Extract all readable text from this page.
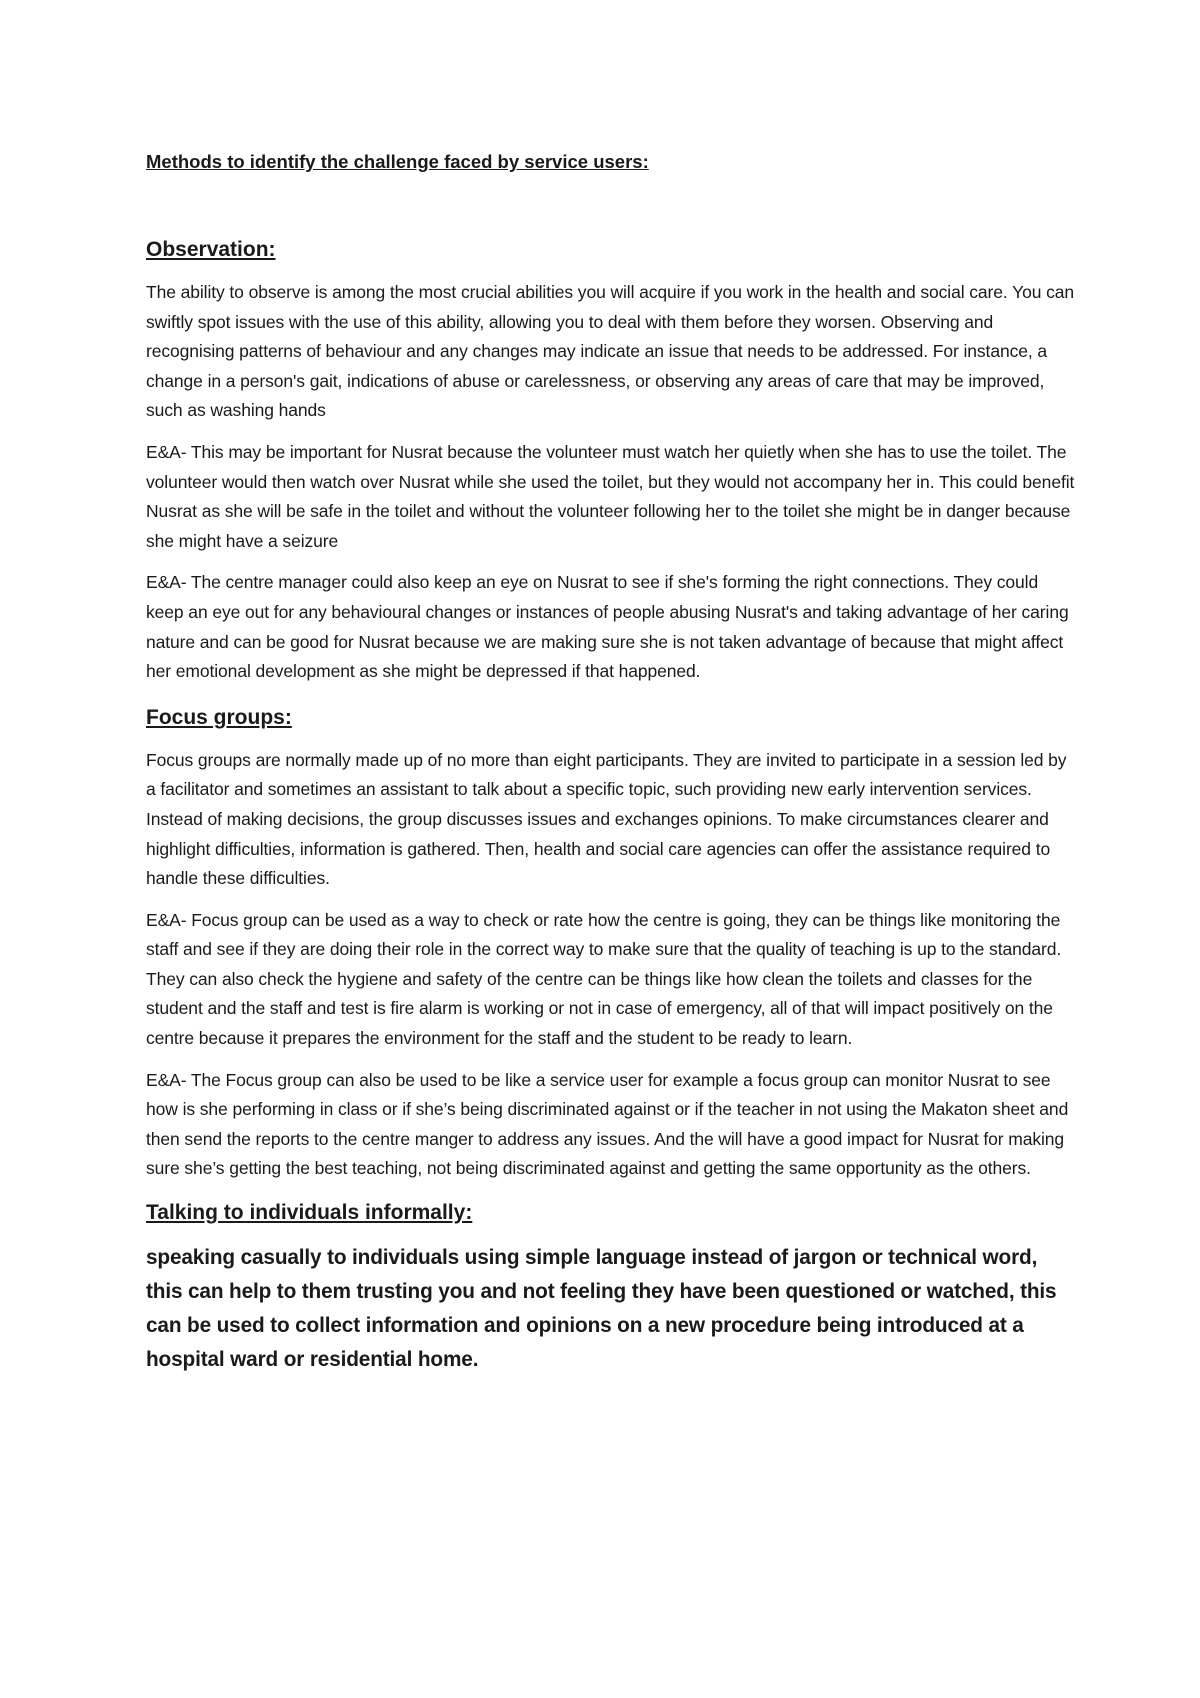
Methods to identify the challenge faced by service users:
Observation:

The ability to observe is among the most crucial abilities you will acquire if you work in the health and social care. You can swiftly spot issues with the use of this ability, allowing you to deal with them before they worsen. Observing and recognising patterns of behaviour and any changes may indicate an issue that needs to be addressed. For instance, a change in a person's gait, indications of abuse or carelessness, or observing any areas of care that may be improved, such as washing hands

E&A- This may be important for Nusrat because the volunteer must watch her quietly when she has to use the toilet. The volunteer would then watch over Nusrat while she used the toilet, but they would not accompany her in. This could benefit Nusrat as she will be safe in the toilet and without the volunteer following her to the toilet she might be in danger because she might have a seizure

E&A- The centre manager could also keep an eye on Nusrat to see if she's forming the right connections. They could keep an eye out for any behavioural changes or instances of people abusing Nusrat's and taking advantage of her caring nature and can be good for Nusrat because we are making sure she is not taken advantage of because that might affect her emotional development as she might be depressed if that happened.

Focus groups:

Focus groups are normally made up of no more than eight participants. They are invited to participate in a session led by a facilitator and sometimes an assistant to talk about a specific topic, such providing new early intervention services. Instead of making decisions, the group discusses issues and exchanges opinions. To make circumstances clearer and highlight difficulties, information is gathered. Then, health and social care agencies can offer the assistance required to handle these difficulties.

E&A- Focus group can be used as a way to check or rate how the centre is going, they can be things like monitoring the staff and see if they are doing their role in the correct way to make sure that the quality of teaching is up to the standard. They can also check the hygiene and safety of the centre can be things like how clean the toilets and classes for the student and the staff and test is fire alarm is working or not in case of emergency, all of that will impact positively on the centre because it prepares the environment for the staff and the student to be ready to learn.

E&A- The Focus group can also be used to be like a service user for example a focus group can monitor Nusrat to see how is she performing in class or if she’s being discriminated against or if the teacher in not using the Makaton sheet and then send the reports to the centre manger to address any issues. And the will have a good impact for Nusrat for making sure she’s getting the best teaching, not being discriminated against and getting the same opportunity as the others.

Talking to individuals informally:

speaking casually to individuals using simple language instead of jargon or technical word, this can help to them trusting you and not feeling they have been questioned or watched, this can be used to collect information and opinions on a new procedure being introduced at a hospital ward or residential home.
